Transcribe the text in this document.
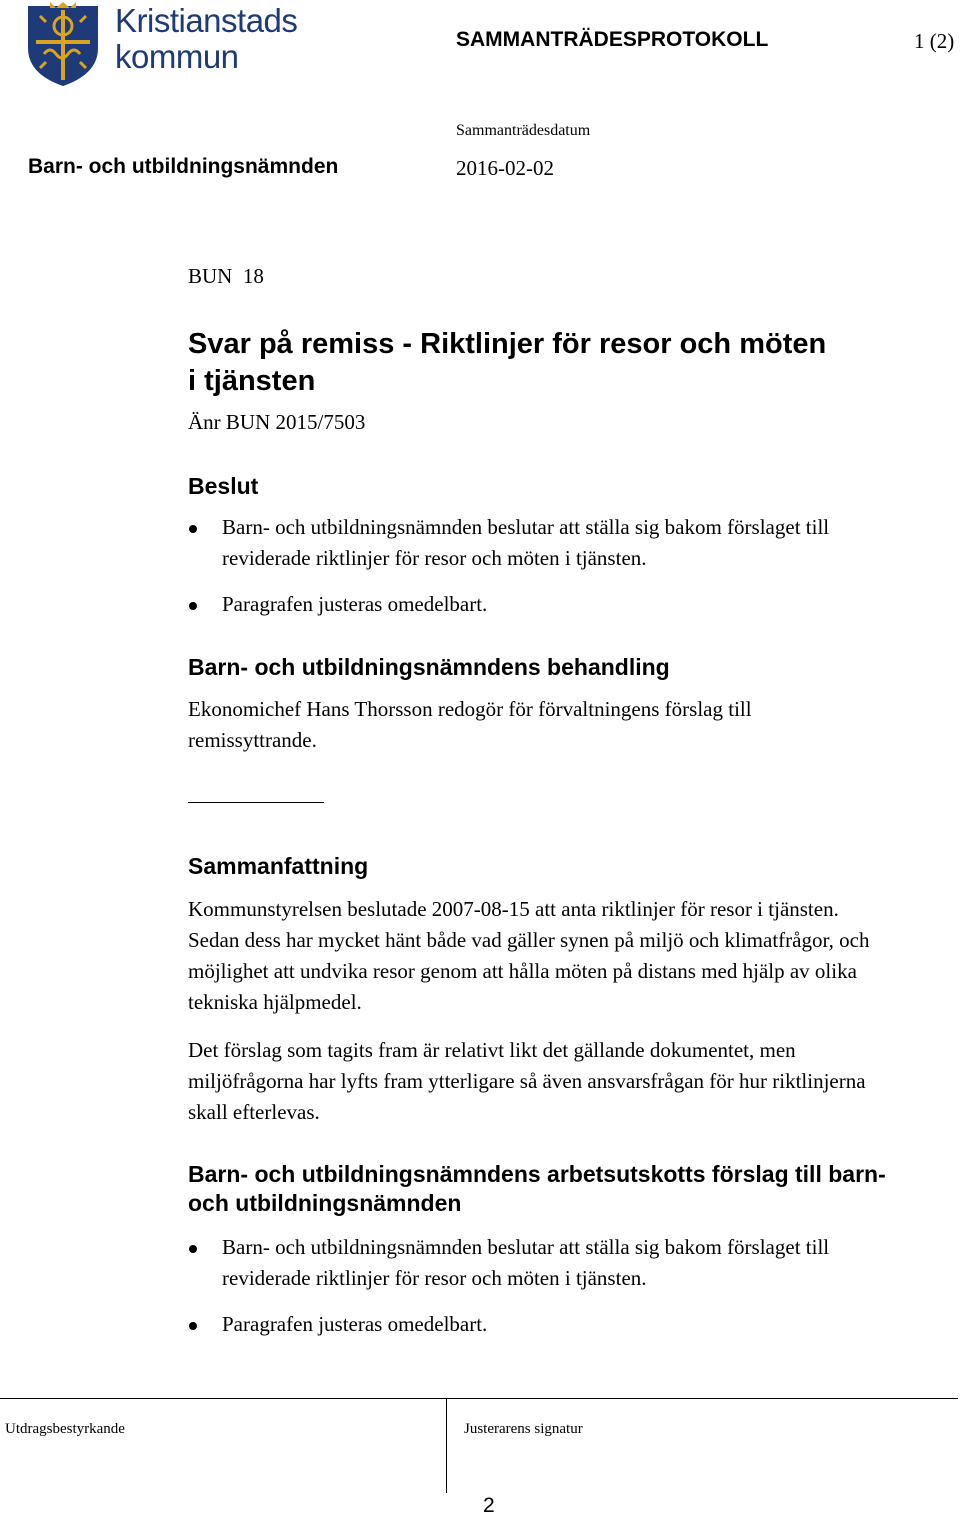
Kristianstads
kommun	SAMMANTRÄDESPROTOKOLL	1 (2)
Sammanträdesdatum
Barn- och utbildningsnämnden	2016-02-02
BUN  18
Svar på remiss - Riktlinjer för resor och möten i tjänsten
Änr BUN 2015/7503
Beslut
Barn- och utbildningsnämnden beslutar att ställa sig bakom förslaget till reviderade riktlinjer för resor och möten i tjänsten.
Paragrafen justeras omedelbart.
Barn- och utbildningsnämndens behandling
Ekonomichef Hans Thorsson redogör för förvaltningens förslag till remissyttrande.
Sammanfattning
Kommunstyrelsen beslutade 2007-08-15 att anta riktlinjer för resor i tjänsten. Sedan dess har mycket hänt både vad gäller synen på miljö och klimatfrågor, och möjlighet att undvika resor genom att hålla möten på distans med hjälp av olika tekniska hjälpmedel.
Det förslag som tagits fram är relativt likt det gällande dokumentet, men miljöfrågorna har lyfts fram ytterligare så även ansvarsfrågan för hur riktlinjerna skall efterlevas.
Barn- och utbildningsnämndens arbetsutskotts förslag till barn- och utbildningsnämnden
Barn- och utbildningsnämnden beslutar att ställa sig bakom förslaget till reviderade riktlinjer för resor och möten i tjänsten.
Paragrafen justeras omedelbart.
Utdragsbestyrkande	Justerarens signatur
2
